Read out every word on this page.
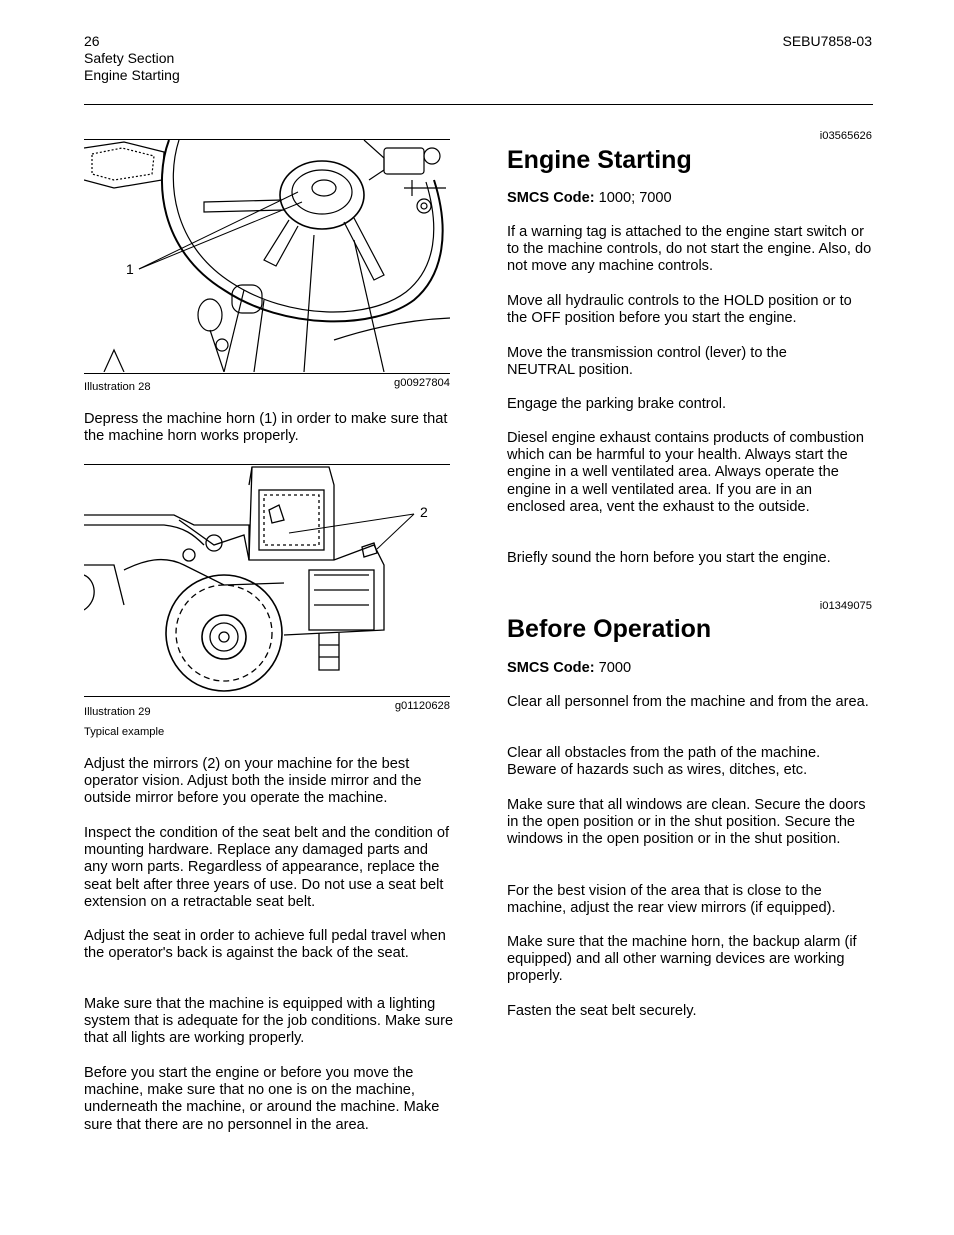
26
Safety Section
Engine Starting
SEBU7858-03
1
Illustration 28	g00927804
Depress the machine horn (1) in order to make sure that the machine horn works properly.
2
Illustration 29	g01120628
Typical example
Adjust the mirrors (2) on your machine for the best operator vision. Adjust both the inside mirror and the outside mirror before you operate the machine.
Inspect the condition of the seat belt and the condition of mounting hardware. Replace any damaged parts and any worn parts. Regardless of appearance, replace the seat belt after three years of use. Do not use a seat belt extension on a retractable seat belt.
Adjust the seat in order to achieve full pedal travel when the operator's back is against the back of the seat.
Make sure that the machine is equipped with a lighting system that is adequate for the job conditions. Make sure that all lights are working properly.
Before you start the engine or before you move the machine, make sure that no one is on the machine, underneath the machine, or around the machine. Make sure that there are no personnel in the area.
i03565626
Engine Starting
SMCS Code: 1000; 7000
If a warning tag is attached to the engine start switch or to the machine controls, do not start the engine. Also, do not move any machine controls.
Move all hydraulic controls to the HOLD position or to the OFF position before you start the engine.
Move the transmission control (lever) to the NEUTRAL position.
Engage the parking brake control.
Diesel engine exhaust contains products of combustion which can be harmful to your health. Always start the engine in a well ventilated area. Always operate the engine in a well ventilated area. If you are in an enclosed area, vent the exhaust to the outside.
Briefly sound the horn before you start the engine.
i01349075
Before Operation
SMCS Code: 7000
Clear all personnel from the machine and from the area.
Clear all obstacles from the path of the machine. Beware of hazards such as wires, ditches, etc.
Make sure that all windows are clean. Secure the doors in the open position or in the shut position. Secure the windows in the open position or in the shut position.
For the best vision of the area that is close to the machine, adjust the rear view mirrors (if equipped).
Make sure that the machine horn, the backup alarm (if equipped) and all other warning devices are working properly.
Fasten the seat belt securely.
